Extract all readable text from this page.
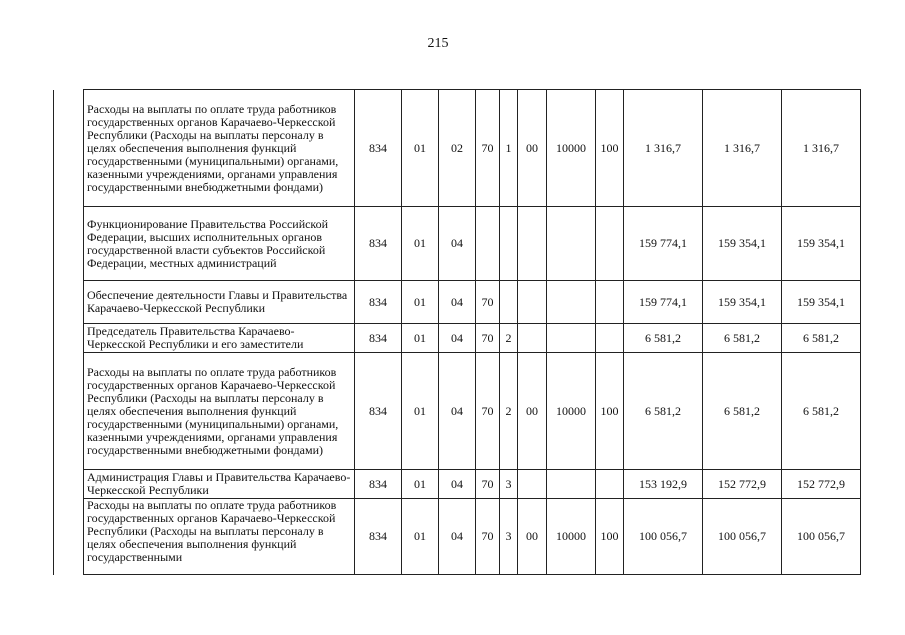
215
	Расходы на выплаты по оплате труда работников государственных органов Карачаево-Черкесской Республики (Расходы на выплаты персоналу в целях обеспечения выполнения функций государственными (муниципальными) органами, казенными учреждениями, органами управления государственными внебюджетными фондами)	834	01	02	70	1	00	10000	100	1 316,7	1 316,7	1 316,7
	Функционирование Правительства Российской Федерации, высших исполнительных органов государственной власти субъектов Российской Федерации, местных администраций	834	01	04						159 774,1	159 354,1	159 354,1
	Обеспечение деятельности Главы и Правительства Карачаево-Черкесской Республики	834	01	04	70					159 774,1	159 354,1	159 354,1
	Председатель Правительства Карачаево-Черкесской Республики и его заместители	834	01	04	70	2				6 581,2	6 581,2	6 581,2
	Расходы на выплаты по оплате труда работников государственных органов Карачаево-Черкесской Республики (Расходы на выплаты персоналу в целях обеспечения выполнения функций государственными (муниципальными) органами, казенными учреждениями, органами управления государственными внебюджетными фондами)	834	01	04	70	2	00	10000	100	6 581,2	6 581,2	6 581,2
	Администрация Главы и Правительства Карачаево-Черкесской Республики	834	01	04	70	3				153 192,9	152 772,9	152 772,9
	Расходы на выплаты по оплате труда работников государственных органов Карачаево-Черкесской Республики (Расходы на выплаты персоналу в целях обеспечения выполнения функций государственными	834	01	04	70	3	00	10000	100	100 056,7	100 056,7	100 056,7
